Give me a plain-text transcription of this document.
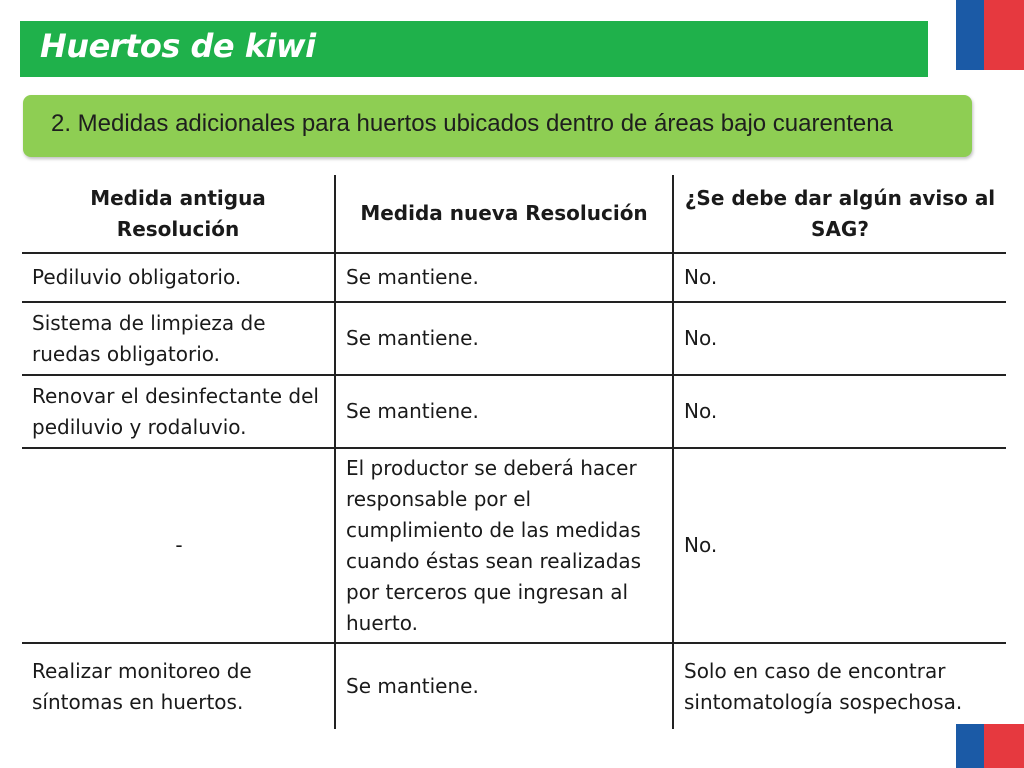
Huertos de kiwi
2. Medidas adicionales para huertos ubicados dentro de áreas bajo cuarentena
Medida antigua Resolución	Medida nueva Resolución	¿Se debe dar algún aviso al SAG?
Pediluvio obligatorio.	Se mantiene.	No.
Sistema de limpieza de ruedas obligatorio.	Se mantiene.	No.
Renovar el desinfectante del pediluvio y rodaluvio.	Se mantiene.	No.
-	El productor se deberá hacer responsable por el cumplimiento de las medidas cuando éstas sean realizadas por terceros que ingresan al huerto.	No.
Realizar monitoreo de síntomas en huertos.	Se mantiene.	Solo en caso de encontrar sintomatología sospechosa.
